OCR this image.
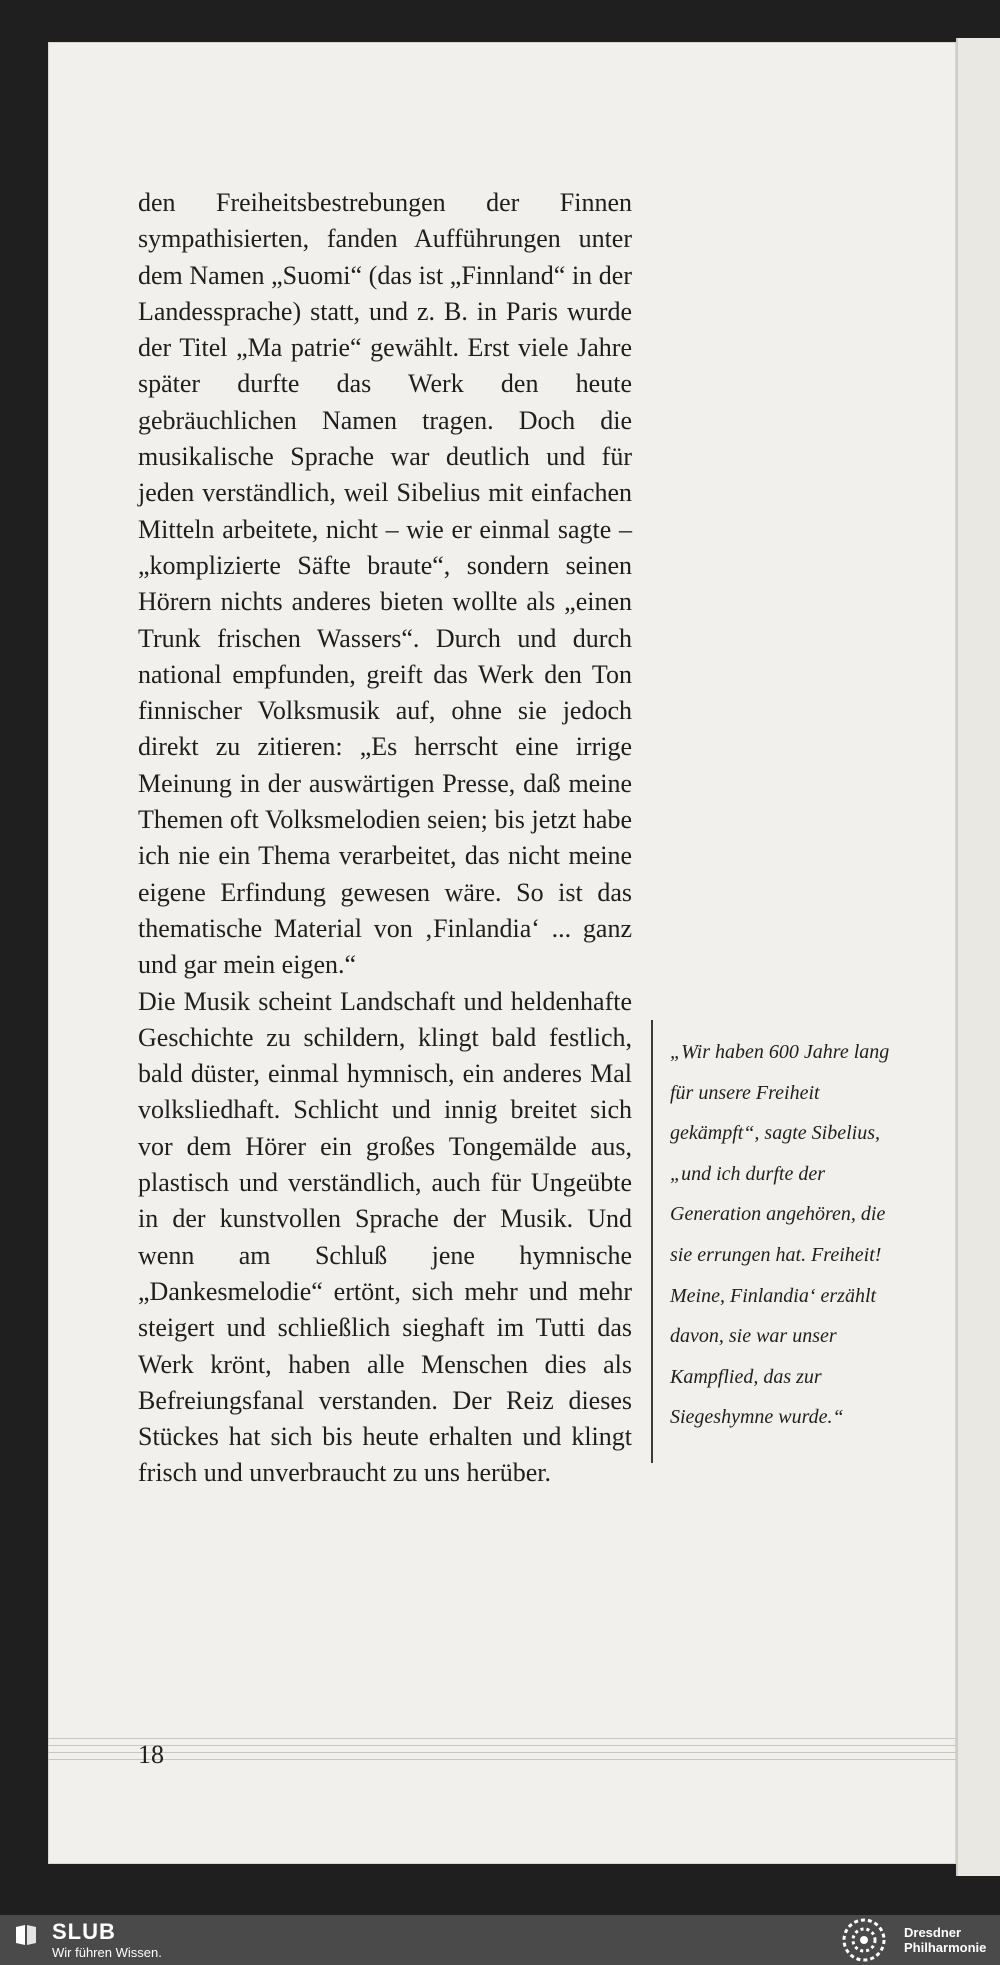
den Freiheitsbestrebungen der Finnen sympathisierten, fanden Aufführungen unter dem Namen „Suomi“ (das ist „Finnland“ in der Landessprache) statt, und z. B. in Paris wurde der Titel „Ma patrie“ gewählt. Erst viele Jahre später durfte das Werk den heute gebräuchlichen Namen tragen. Doch die musikalische Sprache war deutlich und für jeden verständlich, weil Sibelius mit einfachen Mitteln arbeitete, nicht – wie er einmal sagte – „komplizierte Säfte braute“, sondern seinen Hörern nichts anderes bieten wollte als „einen Trunk frischen Wassers“. Durch und durch national empfunden, greift das Werk den Ton finnischer Volksmusik auf, ohne sie jedoch direkt zu zitieren: „Es herrscht eine irrige Meinung in der auswärtigen Presse, daß meine Themen oft Volksmelodien seien; bis jetzt habe ich nie ein Thema verarbeitet, das nicht meine eigene Erfindung gewesen wäre. So ist das thematische Material von ‚Finlandia‘ ... ganz und gar mein eigen.“

Die Musik scheint Landschaft und heldenhafte Geschichte zu schildern, klingt bald festlich, bald düster, einmal hymnisch, ein anderes Mal volksliedhaft. Schlicht und innig breitet sich vor dem Hörer ein großes Tongemälde aus, plastisch und verständlich, auch für Ungeübte in der kunstvollen Sprache der Musik. Und wenn am Schluß jene hymnische „Dankesmelodie“ ertönt, sich mehr und mehr steigert und schließlich sieghaft im Tutti das Werk krönt, haben alle Menschen dies als Befreiungsfanal verstanden. Der Reiz dieses Stückes hat sich bis heute erhalten und klingt frisch und unverbraucht zu uns herüber.

„Wir haben 600 Jahre lang für unsere Freiheit gekämpft“, sagte Sibelius, „und ich durfte der Generation angehören, die sie errungen hat. Freiheit! Meine, Finlandia‘ erzählt davon, sie war unser Kampflied, das zur Siegeshymne wurde.“

18
SLUB
Wir führen Wissen.
Dresdner
Philharmonie
